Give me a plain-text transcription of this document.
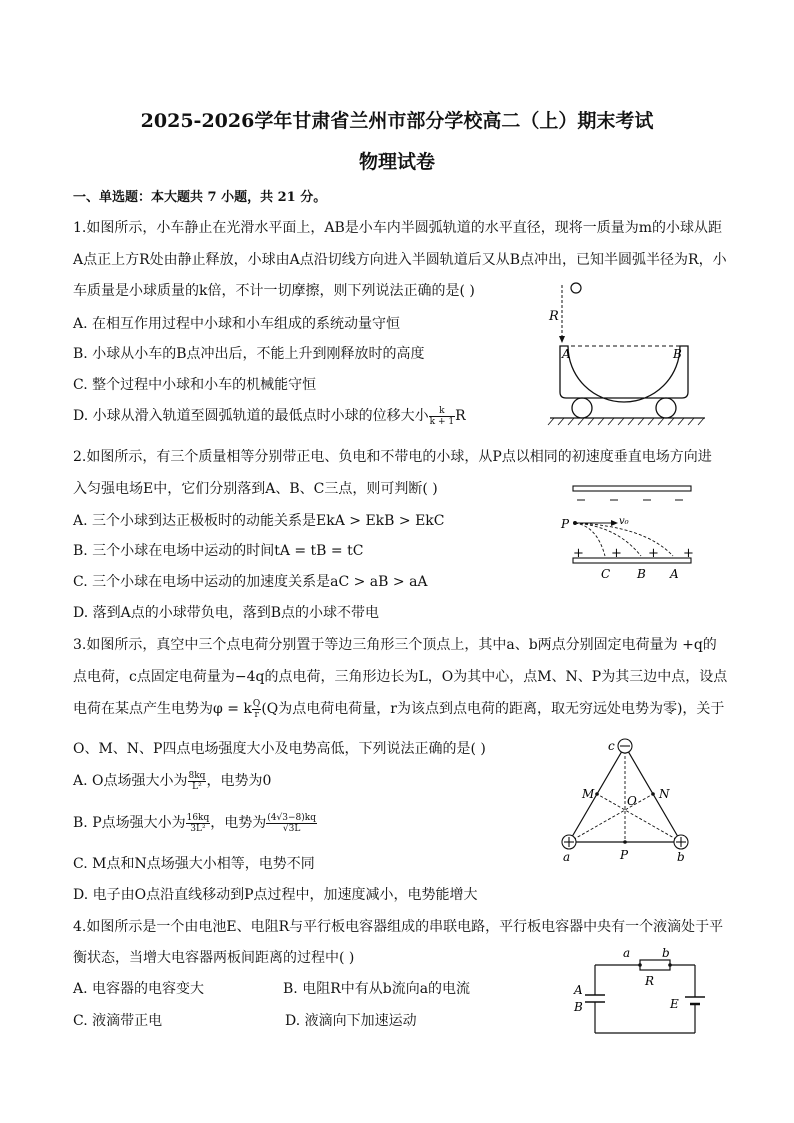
2025-2026学年甘肃省兰州市部分学校高二（上）期末考试
物理试卷
一、单选题：本大题共 7 小题，共 21 分。
1.如图所示，小车静止在光滑水平面上，AB是小车内半圆弧轨道的水平直径，现将一质量为m的小球从距
A点正上方R处由静止释放，小球由A点沿切线方向进入半圆轨道后又从B点冲出，已知半圆弧半径为R，小
车质量是小球质量的k倍，不计一切摩擦，则下列说法正确的是( )
A. 在相互作用过程中小球和小车组成的系统动量守恒
B. 小球从小车的B点冲出后，不能上升到刚释放时的高度
C. 整个过程中小球和小车的机械能守恒
D. 小球从滑入轨道至圆弧轨道的最低点时小球的位移大小 $\frac{k}{k + 1}$ R
R
A	B
2.如图所示，有三个质量相等分别带正电、负电和不带电的小球，从P点以相同的初速度垂直电场方向进
入匀强电场E中，它们分别落到A、B、C三点，则可判断( )
A. 三个小球到达正极板时的动能关系是EkA > EkB > EkC
B. 三个小球在电场中运动的时间tA = tB = tC
C. 三个小球在电场中运动的加速度关系是aC > aB > aA
D. 落到A点的小球带负电，落到B点的小球不带电
P	v₀
+ + + +
C B A
3.如图所示，真空中三个点电荷分别置于等边三角形三个顶点上，其中a、b两点分别固定电荷量为 +q的
点电荷，c点固定电荷量为−4q的点电荷，三角形边长为L，O为其中心，点M、N、P为其三边中点，设点
电荷在某点产生电势为φ = k $\frac{Q}{r} (Q$为点电荷电荷量，r为该点到点电荷的距离，取无穷远处电势为零)，关于
O、M、N、P四点电场强度大小及电势高低，下列说法正确的是( )
A. O点场强大小为 $\frac{8kq}{\text{L²}}$ ，电势为0
B. P点场强大小为 $\frac{16kq}{\text{3L²}}$ ，电势为 $\frac{(4√3-8)kq}{√3L}$
C. M点和N点场强大小相等，电势不同
D. 电子由O点沿直线移动到P点过程中，加速度减小，电势能增大
c
M	O N
a	P	b
4.如图所示是一个由电池E、电阻R与平行板电容器组成的串联电路，平行板电容器中央有一个液滴处于平
衡状态，当增大电容器两板间距离的过程中( )
A. 电容器的电容变大	B. 电阻R中有从b流向a的电流
C. 液滴带正电	D. 液滴向下加速运动
a	b
R
A
B	E
